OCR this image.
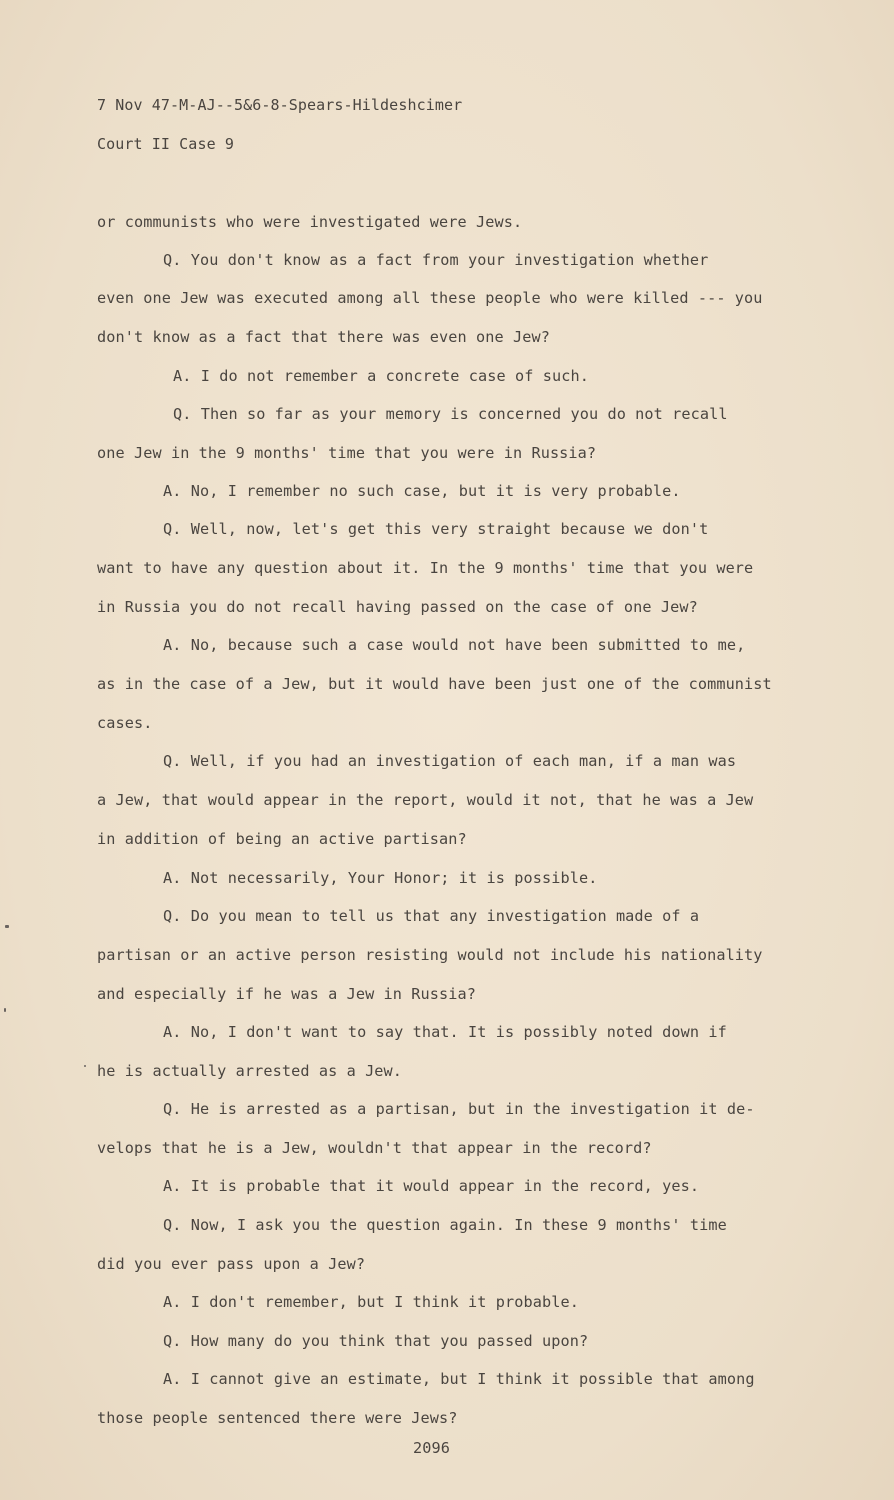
7 Nov 47-M-AJ--5&6-8-Spears-Hildeshcimer
Court II Case 9
or communists who were investigated were Jews.
Q. You don't know as a fact from your investigation whether
even one Jew was executed among all these people who were killed --- you
don't know as a fact that there was even one Jew?
A. I do not remember a concrete case of such.
Q. Then so far as your memory is concerned you do not recall
one Jew in the 9 months' time that you were in Russia?
A. No, I remember no such case, but it is very probable.
Q. Well, now, let's get this very straight because we don't
want to have any question about it. In the 9 months' time that you were
in Russia you do not recall having passed on the case of one Jew?
A. No, because such a case would not have been submitted to me,
as in the case of a Jew, but it would have been just one of the communist
cases.
Q. Well, if you had an investigation of each man, if a man was
a Jew, that would appear in the report, would it not, that he was a Jew
in addition of being an active partisan?
A. Not necessarily, Your Honor; it is possible.
Q. Do you mean to tell us that any investigation made of a
partisan or an active person resisting would not include his nationality
and especially if he was a Jew in Russia?
A. No, I don't want to say that. It is possibly noted down if
he is actually arrested as a Jew.
Q. He is arrested as a partisan, but in the investigation it de-
velops that he is a Jew, wouldn't that appear in the record?
A. It is probable that it would appear in the record, yes.
Q. Now, I ask you the question again. In these 9 months' time
did you ever pass upon a Jew?
A. I don't remember, but I think it probable.
Q. How many do you think that you passed upon?
A. I cannot give an estimate, but I think it possible that among
those people sentenced there were Jews?
2096
